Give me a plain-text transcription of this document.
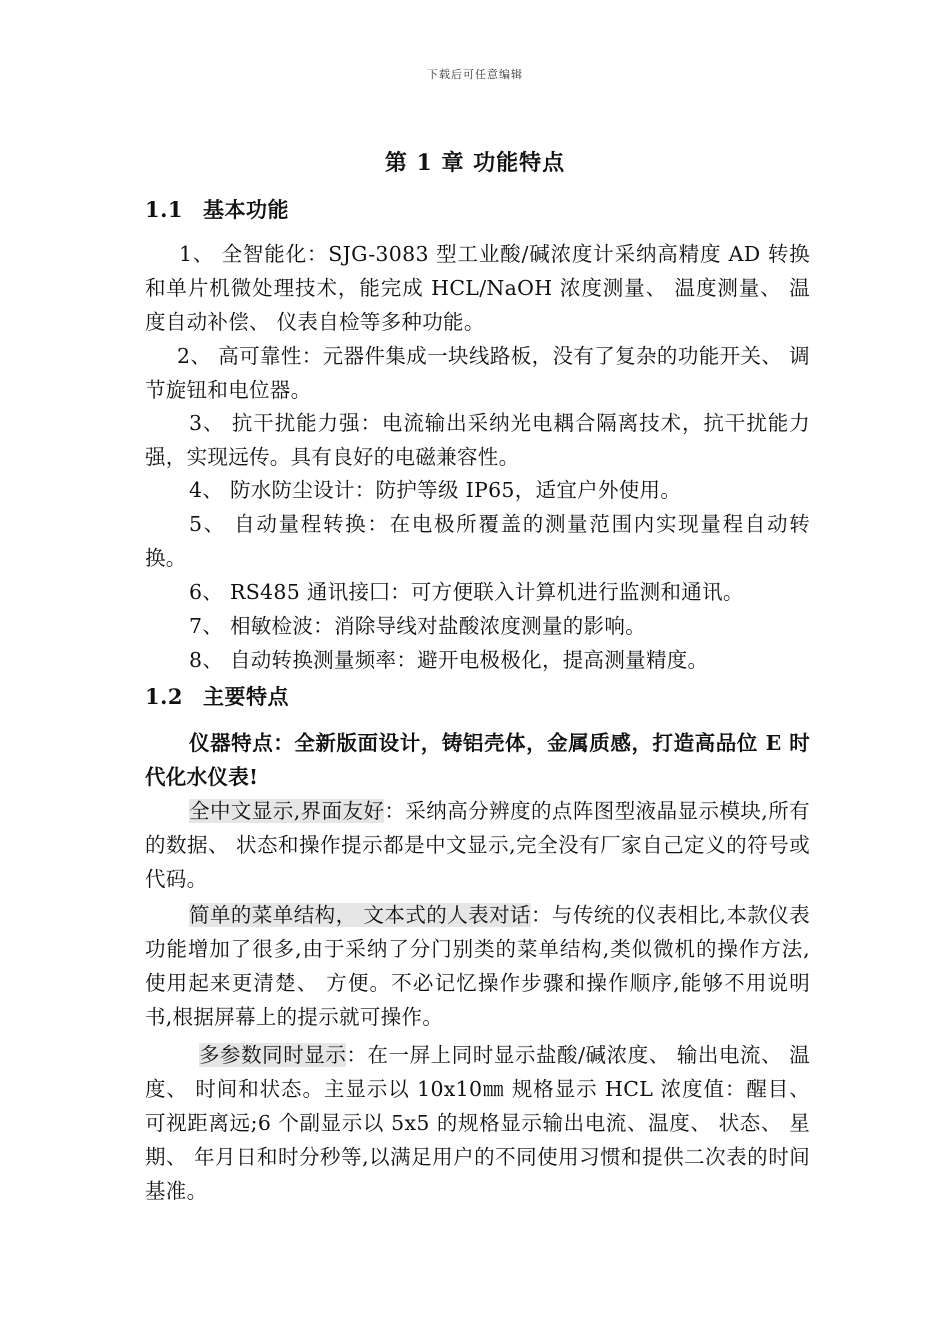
下载后可任意编辑
第 1 章 功能特点
1.1 基本功能
1、 全智能化：SJG-3083 型工业酸/碱浓度计采纳高精度 AD 转换和单片机微处理技术，能完成 HCL/NaOH 浓度测量、 温度测量、 温度自动补偿、 仪表自检等多种功能。
2、 高可靠性：元器件集成一块线路板，没有了复杂的功能开关、 调节旋钮和电位器。
3、 抗干扰能力强：电流输出采纳光电耦合隔离技术，抗干扰能力强，实现远传。具有良好的电磁兼容性。
4、 防水防尘设计：防护等级 IP65，适宜户外使用。
5、 自动量程转换：在电极所覆盖的测量范围内实现量程自动转换。
6、 RS485 通讯接囗：可方便联入计算机进行监测和通讯。
7、 相敏检波：消除导线对盐酸浓度测量的影响。
8、 自动转换测量频率：避开电极极化，提高测量精度。
1.2 主要特点
仪器特点：全新版面设计，铸铝壳体，金属质感，打造高品位 E 时代化水仪表!
全中文显示,界面友好：采纳高分辨度的点阵图型液晶显示模块,所有的数据、 状态和操作提示都是中文显示,完全没有厂家自己定义的符号或代码。
简单的菜单结构， 文本式的人表对话：与传统的仪表相比,本款仪表功能增加了很多,由于采纳了分门别类的菜单结构,类似微机的操作方法,使用起来更清楚、 方便。不必记忆操作步骤和操作顺序,能够不用说明书,根据屏幕上的提示就可操作。
多参数同时显示：在一屏上同时显示盐酸/碱浓度、 输出电流、 温度、 时间和状态。主显示以 10x10㎜ 规格显示 HCL 浓度值：醒目、 可视距离远;6 个副显示以 5x5 的规格显示输出电流、温度、 状态、 星期、 年月日和时分秒等,以满足用户的不同使用习惯和提供二次表的时间基准。
